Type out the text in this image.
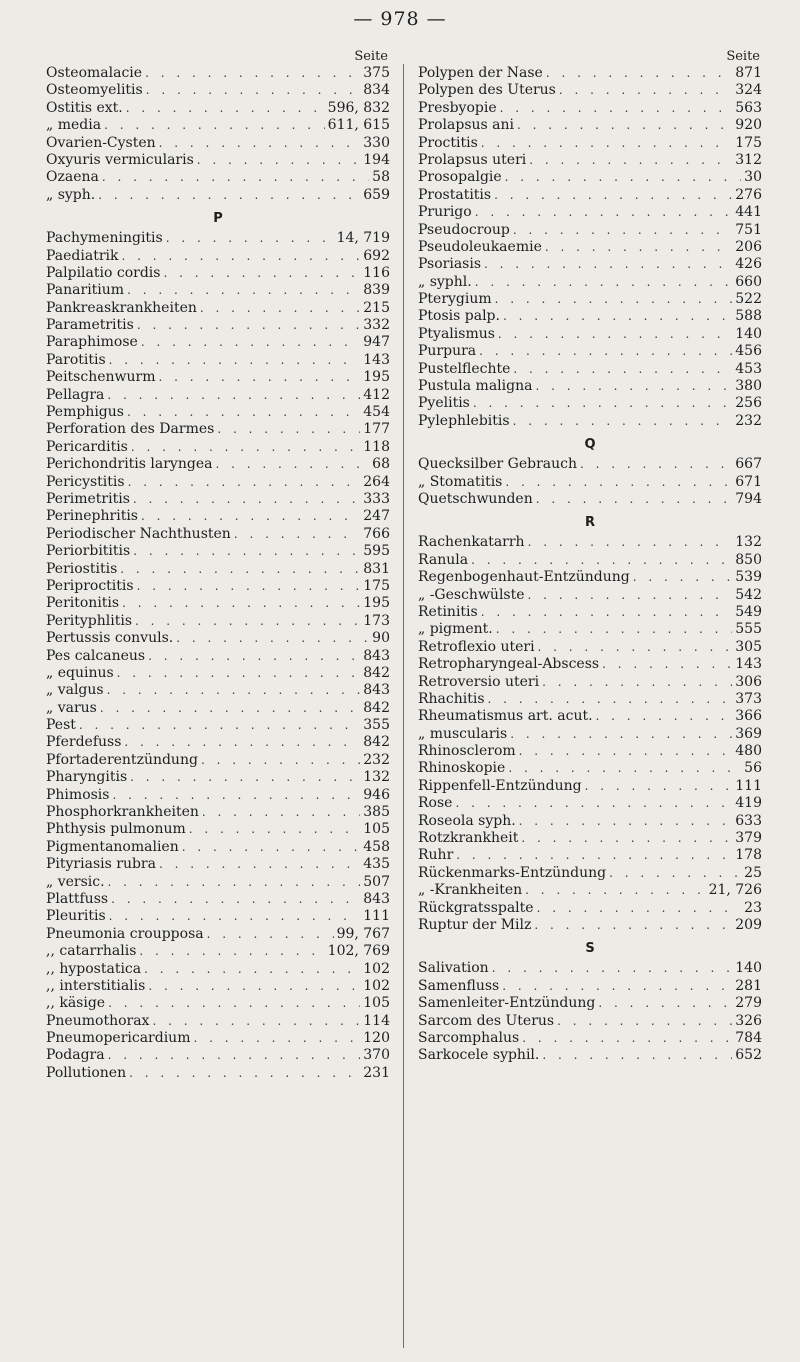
— 978 —
Seite
Osteomalacie . . .	375
Osteomyelitis . . .	834
Ostitis ext. . . .	596, 832
„ media . . .	611, 615
Ovarien-Cysten . . .	330
Oxyuris vermicularis . . .	194
Ozaena . . .	58
„ syph. . . .	659
P
Pachymeningitis . . .	14, 719
Paediatrik . . .	692
Palpilatio cordis . . .	116
Panaritium . . .	839
Pankreaskrankheiten . . .	215
Parametritis . . .	332
Paraphimose . . .	947
Parotitis . . .	143
Peitschenwurm . . .	195
Pellagra . . .	412
Pemphigus . . .	454
Perforation des Darmes . . .	177
Pericarditis . . .	118
Perichondritis laryngea . . .	68
Pericystitis . . .	264
Perimetritis . . .	333
Perinephritis . . .	247
Periodischer Nachthusten . . .	766
Periorbititis . . .	595
Periostitis . . .	831
Periproctitis . . .	175
Peritonitis . . .	195
Perityphlitis . . .	173
Pertussis convuls. . . .	90
Pes calcaneus . . .	843
„ equinus . . .	842
„ valgus . . .	843
„ varus . . .	842
Pest . . .	355
Pferdefuss . . .	842
Pfortaderentzündung . . .	232
Pharyngitis . . .	132
Phimosis . . .	946
Phosphorkrankheiten . . .	385
Phthysis pulmonum . . .	105
Pigmentanomalien . . .	458
Pityriasis rubra . . .	435
„ versic. . . .	507
Plattfuss . . .	843
Pleuritis . . .	111
Pneumonia croupposa . . .	99, 767
,, catarrhalis . . .	102, 769
,, hypostatica . . .	102
,, interstitialis . . .	102
,, käsige . . .	105
Pneumothorax . . .	114
Pneumopericardium . . .	120
Podagra . . .	370
Pollutionen . . .	231
Seite
Polypen der Nase . . .	871
Polypen des Uterus . . .	324
Presbyopie . . .	563
Prolapsus ani . . .	920
Proctitis . . .	175
Prolapsus uteri . . .	312
Prosopalgie . . .	30
Prostatitis . . .	276
Prurigo . . .	441
Pseudocroup . . .	751
Pseudoleukaemie . . .	206
Psoriasis . . .	426
„ syphl. . . .	660
Pterygium . . .	522
Ptosis palp. . . .	588
Ptyalismus . . .	140
Purpura . . .	456
Pustelflechte . . .	453
Pustula maligna . . .	380
Pyelitis . . .	256
Pylephlebitis . . .	232
Q
Quecksilber Gebrauch . . .	667
„ Stomatitis . . .	671
Quetschwunden . . .	794
R
Rachenkatarrh . . .	132
Ranula . . .	850
Regenbogenhaut-Entzündung . . .	539
„ -Geschwülste . . .	542
Retinitis . . .	549
„ pigment. . . .	555
Retroflexio uteri . . .	305
Retropharyngeal-Abscess . . .	143
Retroversio uteri . . .	306
Rhachitis . . .	373
Rheumatismus art. acut. . . .	366
„ muscularis . . .	369
Rhinosclerom . . .	480
Rhinoskopie . . .	56
Rippenfell-Entzündung . . .	111
Rose . . .	419
Roseola syph. . . .	633
Rotzkrankheit . . .	379
Ruhr . . .	178
Rückenmarks-Entzündung . . .	25
„ -Krankheiten . . .	21, 726
Rückgratsspalte . . .	23
Ruptur der Milz . . .	209
S
Salivation . . .	140
Samenfluss . . .	281
Samenleiter-Entzündung . . .	279
Sarcom des Uterus . . .	326
Sarcomphalus . . .	784
Sarkocele syphil. . . .	652
